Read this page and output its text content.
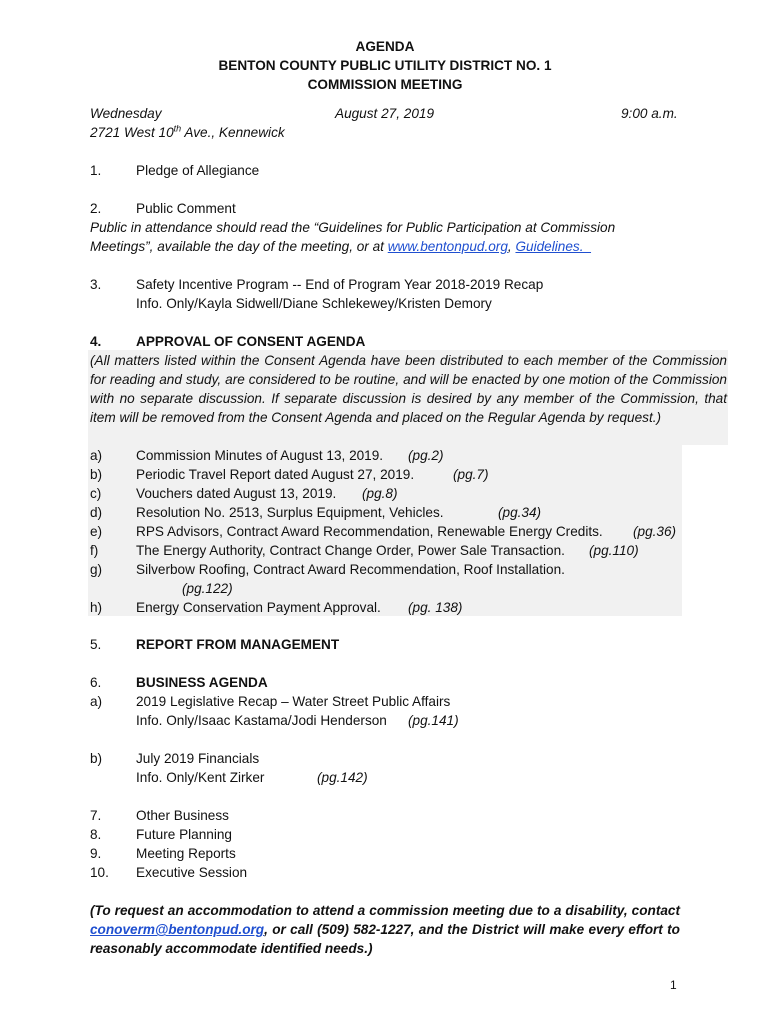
AGENDA
BENTON COUNTY PUBLIC UTILITY DISTRICT NO. 1
COMMISSION MEETING
Wednesday	August 27, 2019	9:00 a.m.
2721 West 10th Ave., Kennewick
1.	Pledge of Allegiance
2.	Public Comment
Public in attendance should read the “Guidelines for Public Participation at Commission Meetings”, available the day of the meeting, or at www.bentonpud.org, Guidelines.
3.	Safety Incentive Program -- End of Program Year 2018-2019 Recap
Info. Only/Kayla Sidwell/Diane Schlekewey/Kristen Demory
4.	APPROVAL OF CONSENT AGENDA
(All matters listed within the Consent Agenda have been distributed to each member of the Commission for reading and study, are considered to be routine, and will be enacted by one motion of the Commission with no separate discussion. If separate discussion is desired by any member of the Commission, that item will be removed from the Consent Agenda and placed on the Regular Agenda by request.)
a) Commission Minutes of August 13, 2019. (pg.2)
b) Periodic Travel Report dated August 27, 2019.	(pg.7)
c)	Vouchers dated August 13, 2019. (pg.8)
d) Resolution No. 2513, Surplus Equipment, Vehicles.	(pg.34)
e) RPS Advisors, Contract Award Recommendation, Renewable Energy Credits. (pg.36)
f)	The Energy Authority, Contract Change Order, Power Sale Transaction. (pg.110)
g) Silverbow Roofing, Contract Award Recommendation, Roof Installation.
(pg.122)
h) Energy Conservation Payment Approval. (pg. 138)
5.	REPORT FROM MANAGEMENT
6.	BUSINESS AGENDA
a) 2019 Legislative Recap – Water Street Public Affairs
Info. Only/Isaac Kastama/Jodi Henderson (pg.141)
b) July 2019 Financials
Info. Only/Kent Zirker	(pg.142)
7.	Other Business
8.	Future Planning
9.	Meeting Reports
10. Executive Session
(To request an accommodation to attend a commission meeting due to a disability, contact conoverm@bentonpud.org, or call (509) 582-1227, and the District will make every effort to reasonably accommodate identified needs.)
1
